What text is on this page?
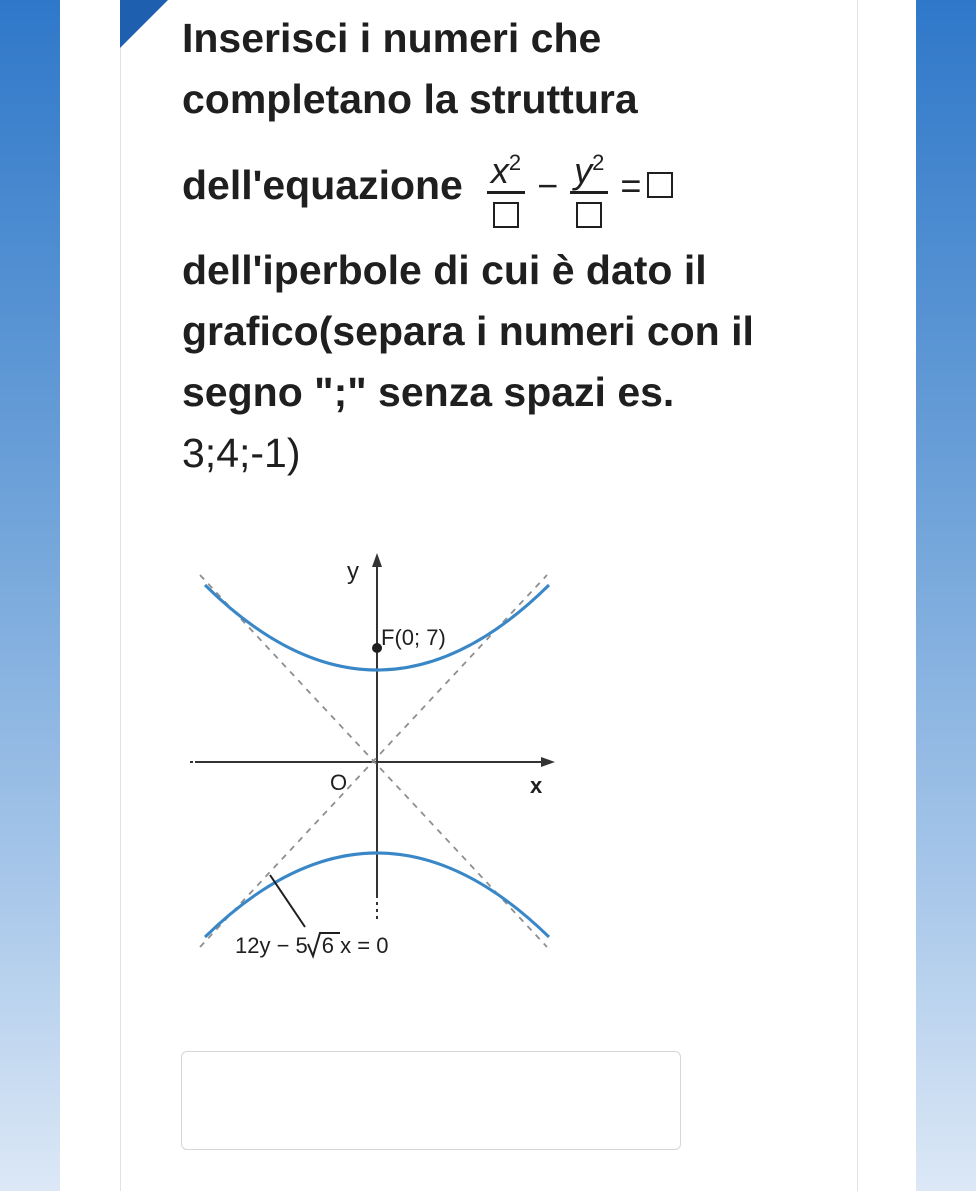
Inserisci i numeri che
completano la struttura
dell'equazione $x^2$
− $y^2$
=
dell'iperbole di cui è dato il
grafico(separa i numeri con il
segno ";" senza spazi es.
3;4;-1)
F(0; 7)
y
x
O
12y − 5 6 x = 0
